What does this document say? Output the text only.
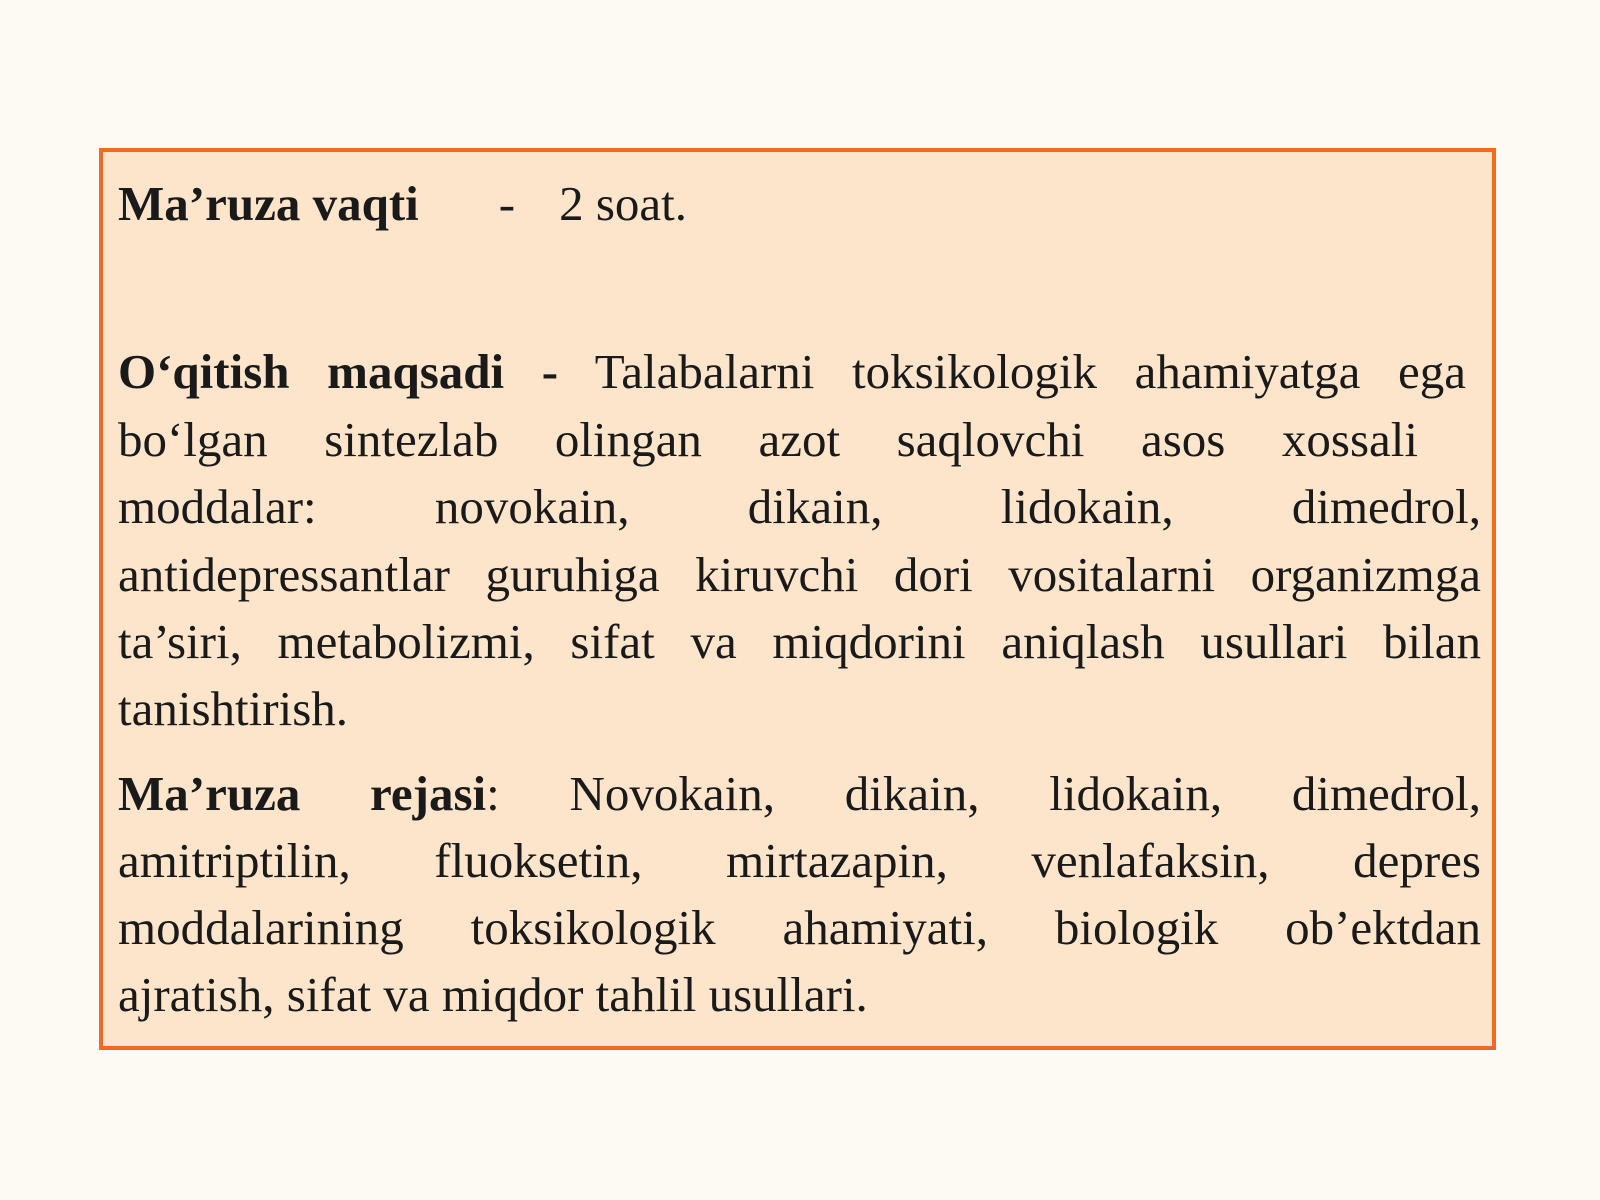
Ma’ruza vaqti - 2 soat.
O‘qitish maqsadi - Talabalarni toksikologik ahamiyatga ega
bo‘lgan sintezlab olingan azot saqlovchi asos xossali
moddalar: novokain, dikain, lidokain, dimedrol,
antidepressantlar guruhiga kiruvchi dori vositalarni organizmga
ta’siri, metabolizmi, sifat va miqdorini aniqlash usullari bilan
tanishtirish.
Ma’ruza rejasi: Novokain, dikain, lidokain, dimedrol,
amitriptilin, fluoksetin, mirtazapin, venlafaksin, depres
moddalarining toksikologik ahamiyati, biologik ob’ektdan
ajratish, sifat va miqdor tahlil usullari.
